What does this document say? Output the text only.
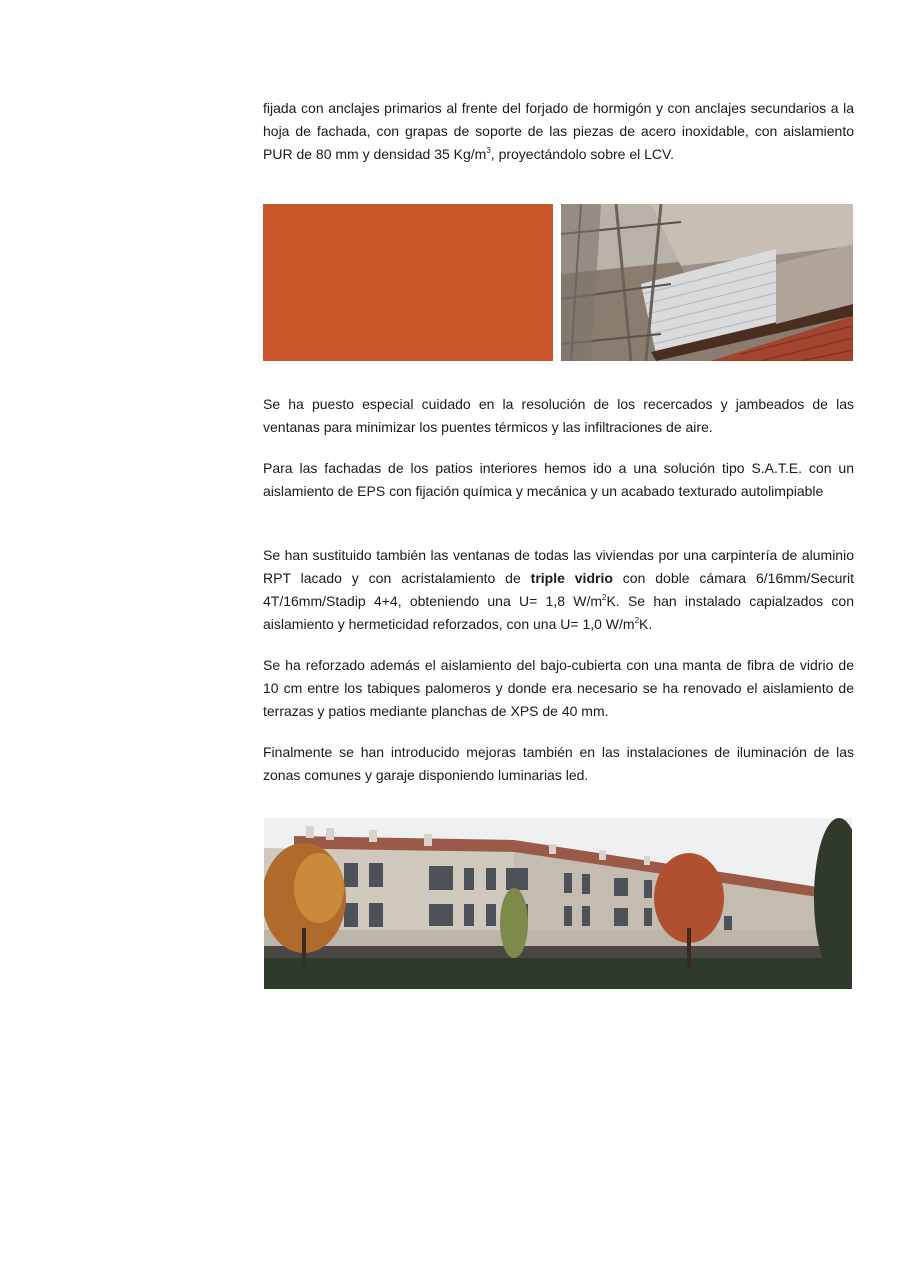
fijada con anclajes primarios al frente del forjado de hormigón y con anclajes secundarios a la hoja de fachada, con grapas de soporte de las piezas de acero inoxidable, con aislamiento PUR de 80 mm y densidad 35 $Kg/m^3$, proyectándolo sobre el LCV.

Se ha puesto especial cuidado en la resolución de los recercados y jambeados de las ventanas para minimizar los puentes térmicos y las infiltraciones de aire.

Para las fachadas de los patios interiores hemos ido a una solución tipo S.A.T.E. con un aislamiento de EPS con fijación química y mecánica y un acabado texturado autolimpiable

Se han sustituido también las ventanas de todas las viviendas por una carpintería de aluminio RPT lacado y con acristalamiento de triple vidrio con doble cámara 6/16mm/Securit 4T/16mm/Stadip 4+4, obteniendo una U= 1,8 $W/m^2K$. Se han instalado capialzados con aislamiento y hermeticidad reforzados, con una U= 1,0 $W/m^2K$.

Se ha reforzado además el aislamiento del bajo-cubierta con una manta de fibra de vidrio de 10 cm entre los tabiques palomeros y donde era necesario se ha renovado el aislamiento de terrazas y patios mediante planchas de XPS de 40 mm.

Finalmente se han introducido mejoras también en las instalaciones de iluminación de las zonas comunes y garaje disponiendo luminarias led.
